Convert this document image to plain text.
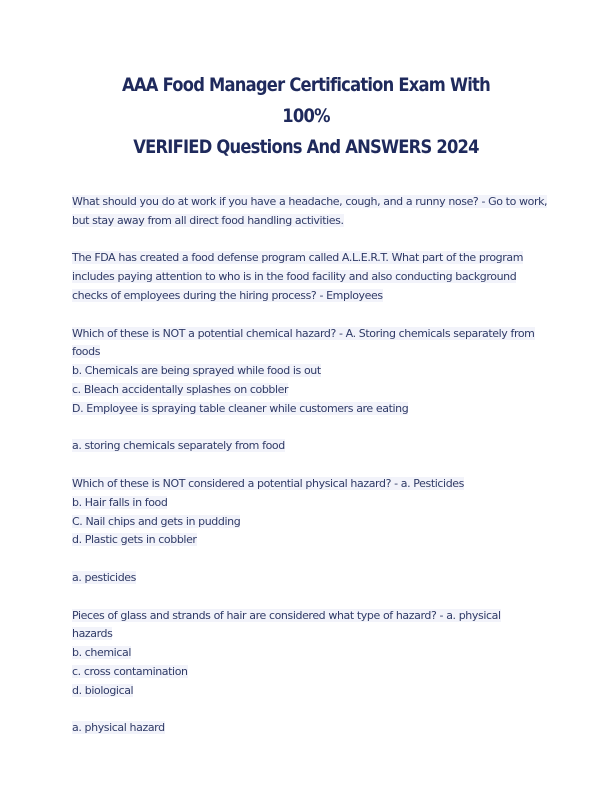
AAA Food Manager Certification Exam With 100%
VERIFIED Questions And ANSWERS 2024
What should you do at work if you have a headache, cough, and a runny nose? - Go to work,
but stay away from all direct food handling activities.
The FDA has created a food defense program called A.L.E.R.T. What part of the program
includes paying attention to who is in the food facility and also conducting background
checks of employees during the hiring process? - Employees
Which of these is NOT a potential chemical hazard? - A. Storing chemicals separately from
foods
b. Chemicals are being sprayed while food is out
c. Bleach accidentally splashes on cobbler
D. Employee is spraying table cleaner while customers are eating
a. storing chemicals separately from food
Which of these is NOT considered a potential physical hazard? - a. Pesticides
b. Hair falls in food
C. Nail chips and gets in pudding
d. Plastic gets in cobbler
a. pesticides
Pieces of glass and strands of hair are considered what type of hazard? - a. physical
hazards
b. chemical
c. cross contamination
d. biological
a. physical hazard
